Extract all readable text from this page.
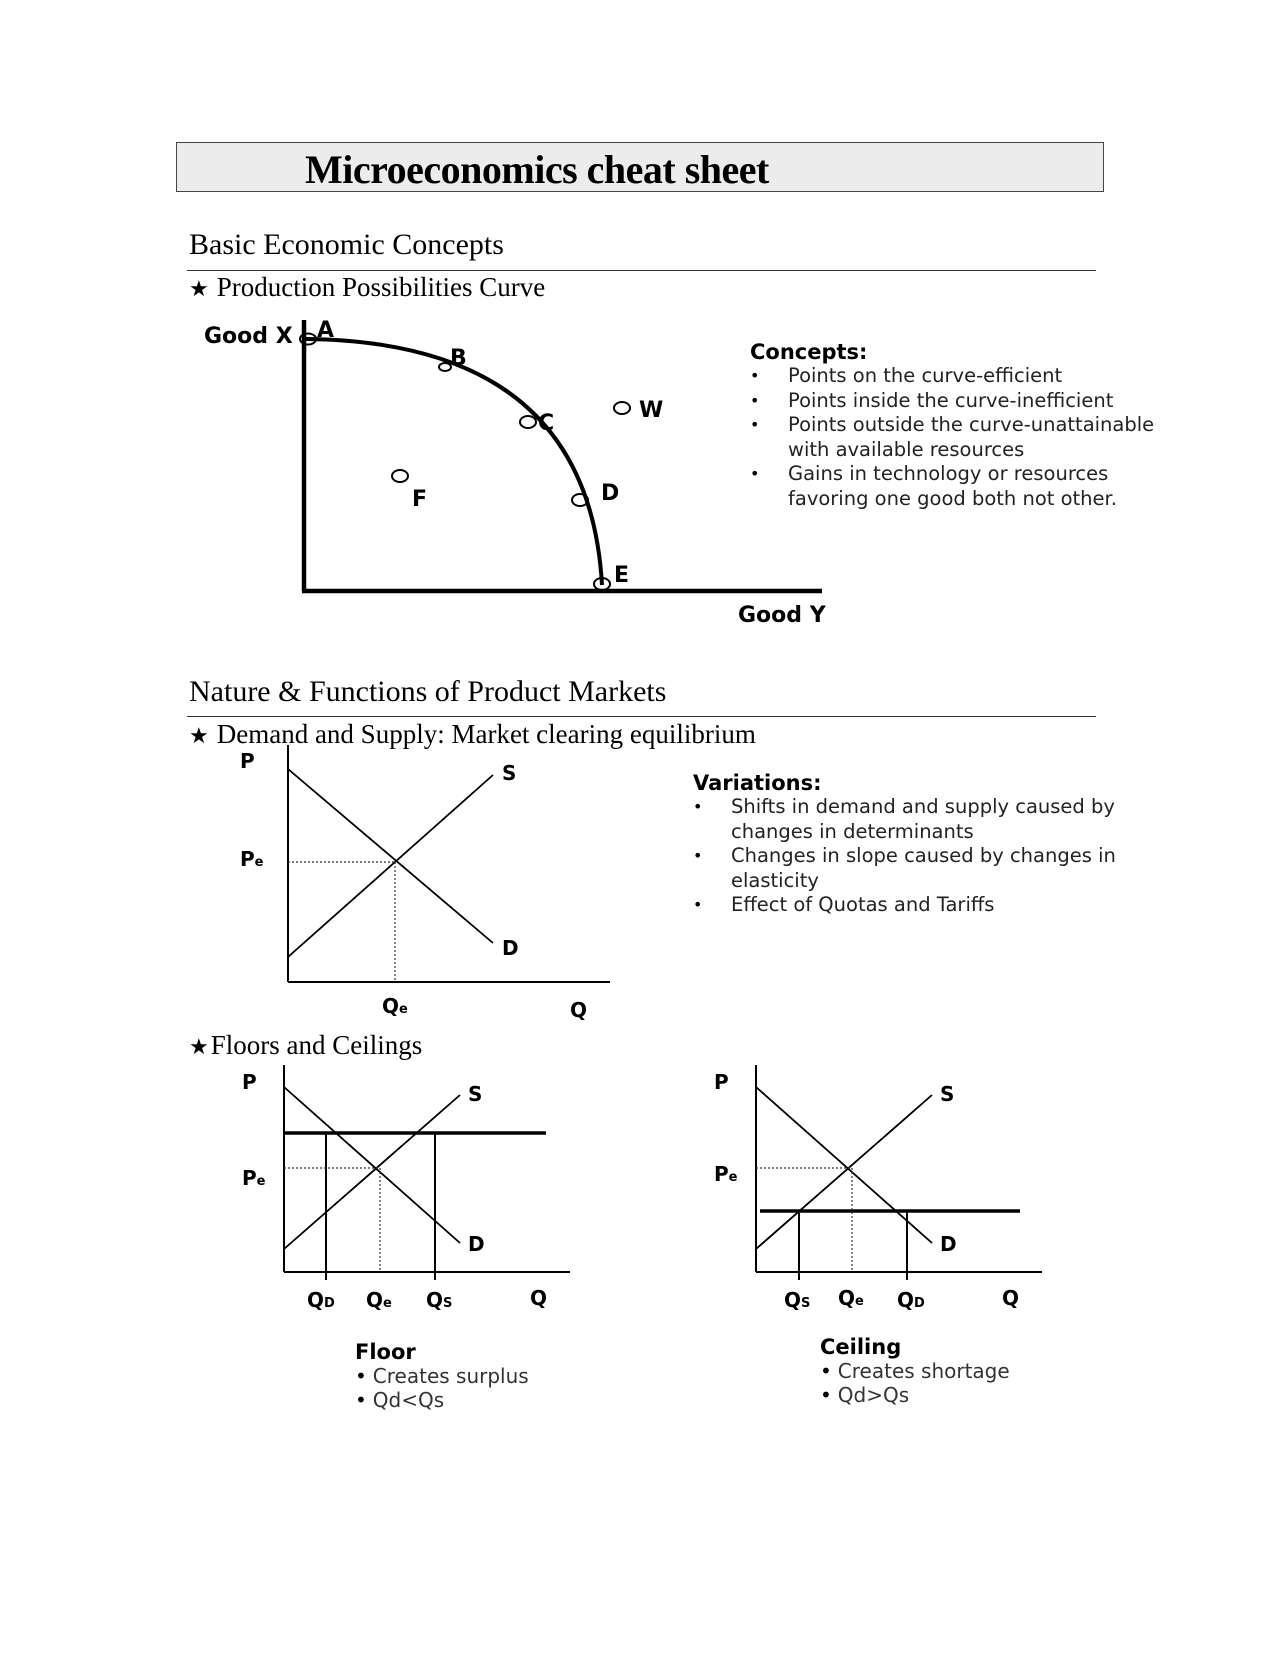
Microeconomics cheat sheet
Basic Economic Concepts
★ Production Possibilities Curve
Good X A
B
C
D
E
F
W
Good Y
Concepts:
• Points on the curve-efficient
• Points inside the curve-inefficient
• Points outside the curve-unattainable with available resources
• Gains in technology or resources favoring one good both not other.
Nature & Functions of Product Markets
★ Demand and Supply: Market clearing equilibrium
P
Pe
S
D
Qe	Q
Variations:
• Shifts in demand and supply caused by changes in determinants
• Changes in slope caused by changes in elasticity
• Effect of Quotas and Tariffs
★Floors and Ceilings
P
Pe
S
D
QD Qe QS	Q
P
Pe
S
D
QS Qe QD	Q
Floor
• Creates surplus
• Qd<Qs
Ceiling
• Creates shortage
• Qd>Qs
